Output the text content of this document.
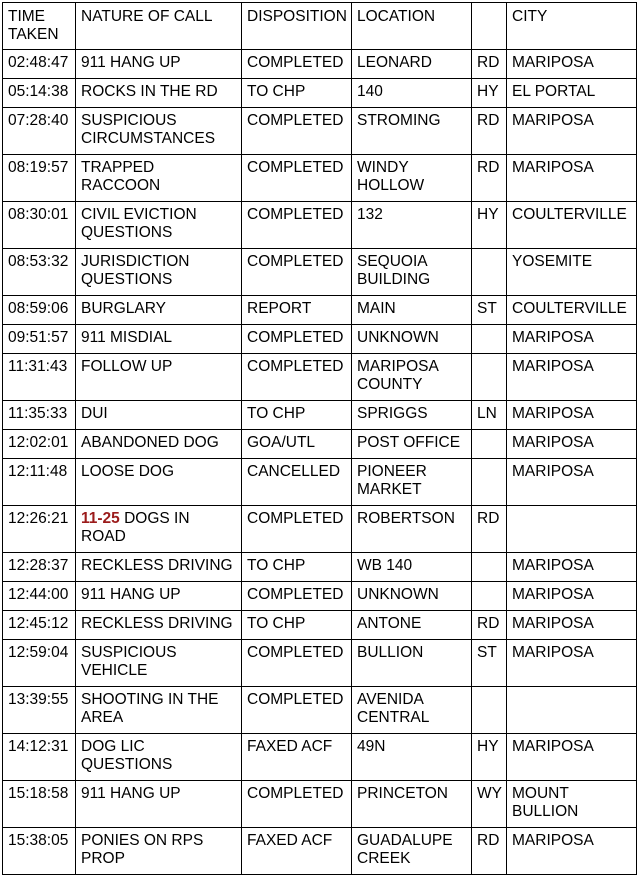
TIME TAKEN	NATURE OF CALL	DISPOSITION	LOCATION		CITY
02:48:47	911 HANG UP	COMPLETED	LEONARD	RD	MARIPOSA
05:14:38	ROCKS IN THE RD	TO CHP	140	HY	EL PORTAL
07:28:40	SUSPICIOUS CIRCUMSTANCES	COMPLETED	STROMING	RD	MARIPOSA
08:19:57	TRAPPED RACCOON	COMPLETED	WINDY HOLLOW	RD	MARIPOSA
08:30:01	CIVIL EVICTION QUESTIONS	COMPLETED	132	HY	COULTERVILLE
08:53:32	JURISDICTION QUESTIONS	COMPLETED	SEQUOIA BUILDING		YOSEMITE
08:59:06	BURGLARY	REPORT	MAIN	ST	COULTERVILLE
09:51:57	911 MISDIAL	COMPLETED	UNKNOWN		MARIPOSA
11:31:43	FOLLOW UP	COMPLETED	MARIPOSA COUNTY		MARIPOSA
11:35:33	DUI	TO CHP	SPRIGGS	LN	MARIPOSA
12:02:01	ABANDONED DOG	GOA/UTL	POST OFFICE		MARIPOSA
12:11:48	LOOSE DOG	CANCELLED	PIONEER MARKET		MARIPOSA
12:26:21	11-25 DOGS IN ROAD	COMPLETED	ROBERTSON	RD	
12:28:37	RECKLESS DRIVING	TO CHP	WB 140		MARIPOSA
12:44:00	911 HANG UP	COMPLETED	UNKNOWN		MARIPOSA
12:45:12	RECKLESS DRIVING	TO CHP	ANTONE	RD	MARIPOSA
12:59:04	SUSPICIOUS VEHICLE	COMPLETED	BULLION	ST	MARIPOSA
13:39:55	SHOOTING IN THE AREA	COMPLETED	AVENIDA CENTRAL		
14:12:31	DOG LIC QUESTIONS	FAXED ACF	49N	HY	MARIPOSA
15:18:58	911 HANG UP	COMPLETED	PRINCETON	WY	MOUNT BULLION
15:38:05	PONIES ON RPS PROP	FAXED ACF	GUADALUPE CREEK	RD	MARIPOSA
